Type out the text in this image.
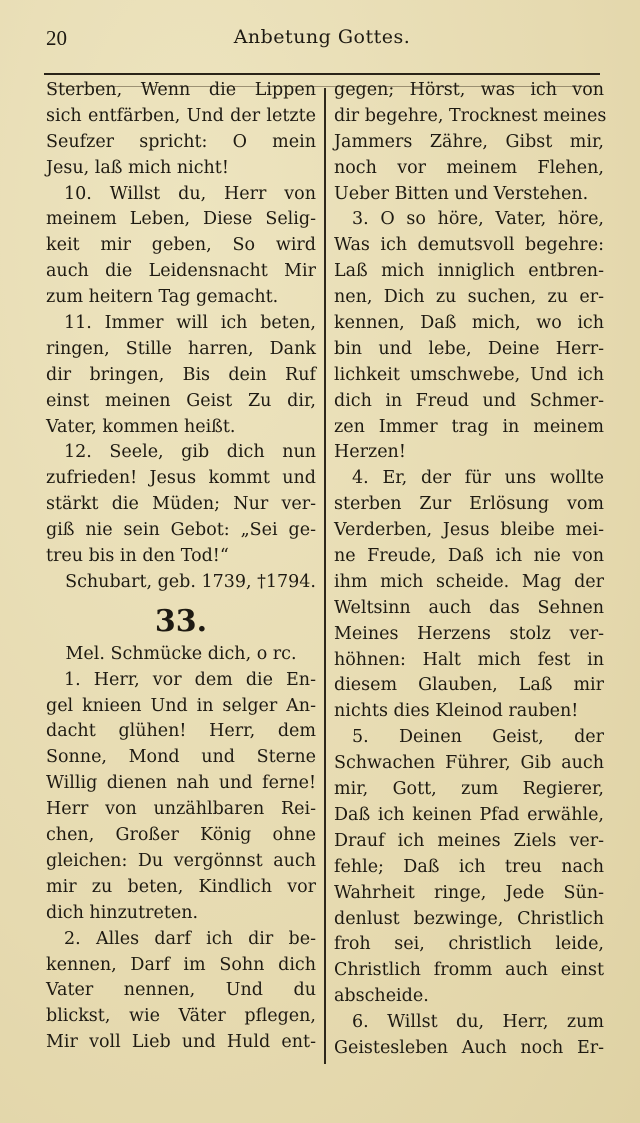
20	Anbetung Gottes.
Sterben, Wenn die Lippen
sich entfärben, Und der letzte
Seufzer spricht: O mein
Jesu, laß mich nicht!
10. Willst du, Herr von
meinem Leben, Diese Selig-
keit mir geben, So wird
auch die Leidensnacht Mir
zum heitern Tag gemacht.
11. Immer will ich beten,
ringen, Stille harren, Dank
dir bringen, Bis dein Ruf
einst meinen Geist Zu dir,
Vater, kommen heißt.
12. Seele, gib dich nun
zufrieden! Jesus kommt und
stärkt die Müden; Nur ver-
giß nie sein Gebot: „Sei ge-
treu bis in den Tod!“
Schubart, geb. 1739, †1794.
33.
Mel. Schmücke dich, o rc.
1. Herr, vor dem die En-
gel knieen Und in selger An-
dacht glühen! Herr, dem
Sonne, Mond und Sterne
Willig dienen nah und ferne!
Herr von unzählbaren Rei-
chen, Großer König ohne
gleichen: Du vergönnst auch
mir zu beten, Kindlich vor
dich hinzutreten.
2. Alles darf ich dir be-
kennen, Darf im Sohn dich
Vater nennen, Und du
blickst, wie Väter pflegen,
Mir voll Lieb und Huld ent-
gegen; Hörst, was ich von
dir begehre, Trocknest meines
Jammers Zähre, Gibst mir,
noch vor meinem Flehen,
Ueber Bitten und Verstehen.
3. O so höre, Vater, höre,
Was ich demutsvoll begehre:
Laß mich inniglich entbren-
nen, Dich zu suchen, zu er-
kennen, Daß mich, wo ich
bin und lebe, Deine Herr-
lichkeit umschwebe, Und ich
dich in Freud und Schmer-
zen Immer trag in meinem
Herzen!
4. Er, der für uns wollte
sterben Zur Erlösung vom
Verderben, Jesus bleibe mei-
ne Freude, Daß ich nie von
ihm mich scheide. Mag der
Weltsinn auch das Sehnen
Meines Herzens stolz ver-
höhnen: Halt mich fest in
diesem Glauben, Laß mir
nichts dies Kleinod rauben!
5. Deinen Geist, der
Schwachen Führer, Gib auch
mir, Gott, zum Regierer,
Daß ich keinen Pfad erwähle,
Drauf ich meines Ziels ver-
fehle; Daß ich treu nach
Wahrheit ringe, Jede Sün-
denlust bezwinge, Christlich
froh sei, christlich leide,
Christlich fromm auch einst
abscheide.
6. Willst du, Herr, zum
Geistesleben Auch noch Er-
